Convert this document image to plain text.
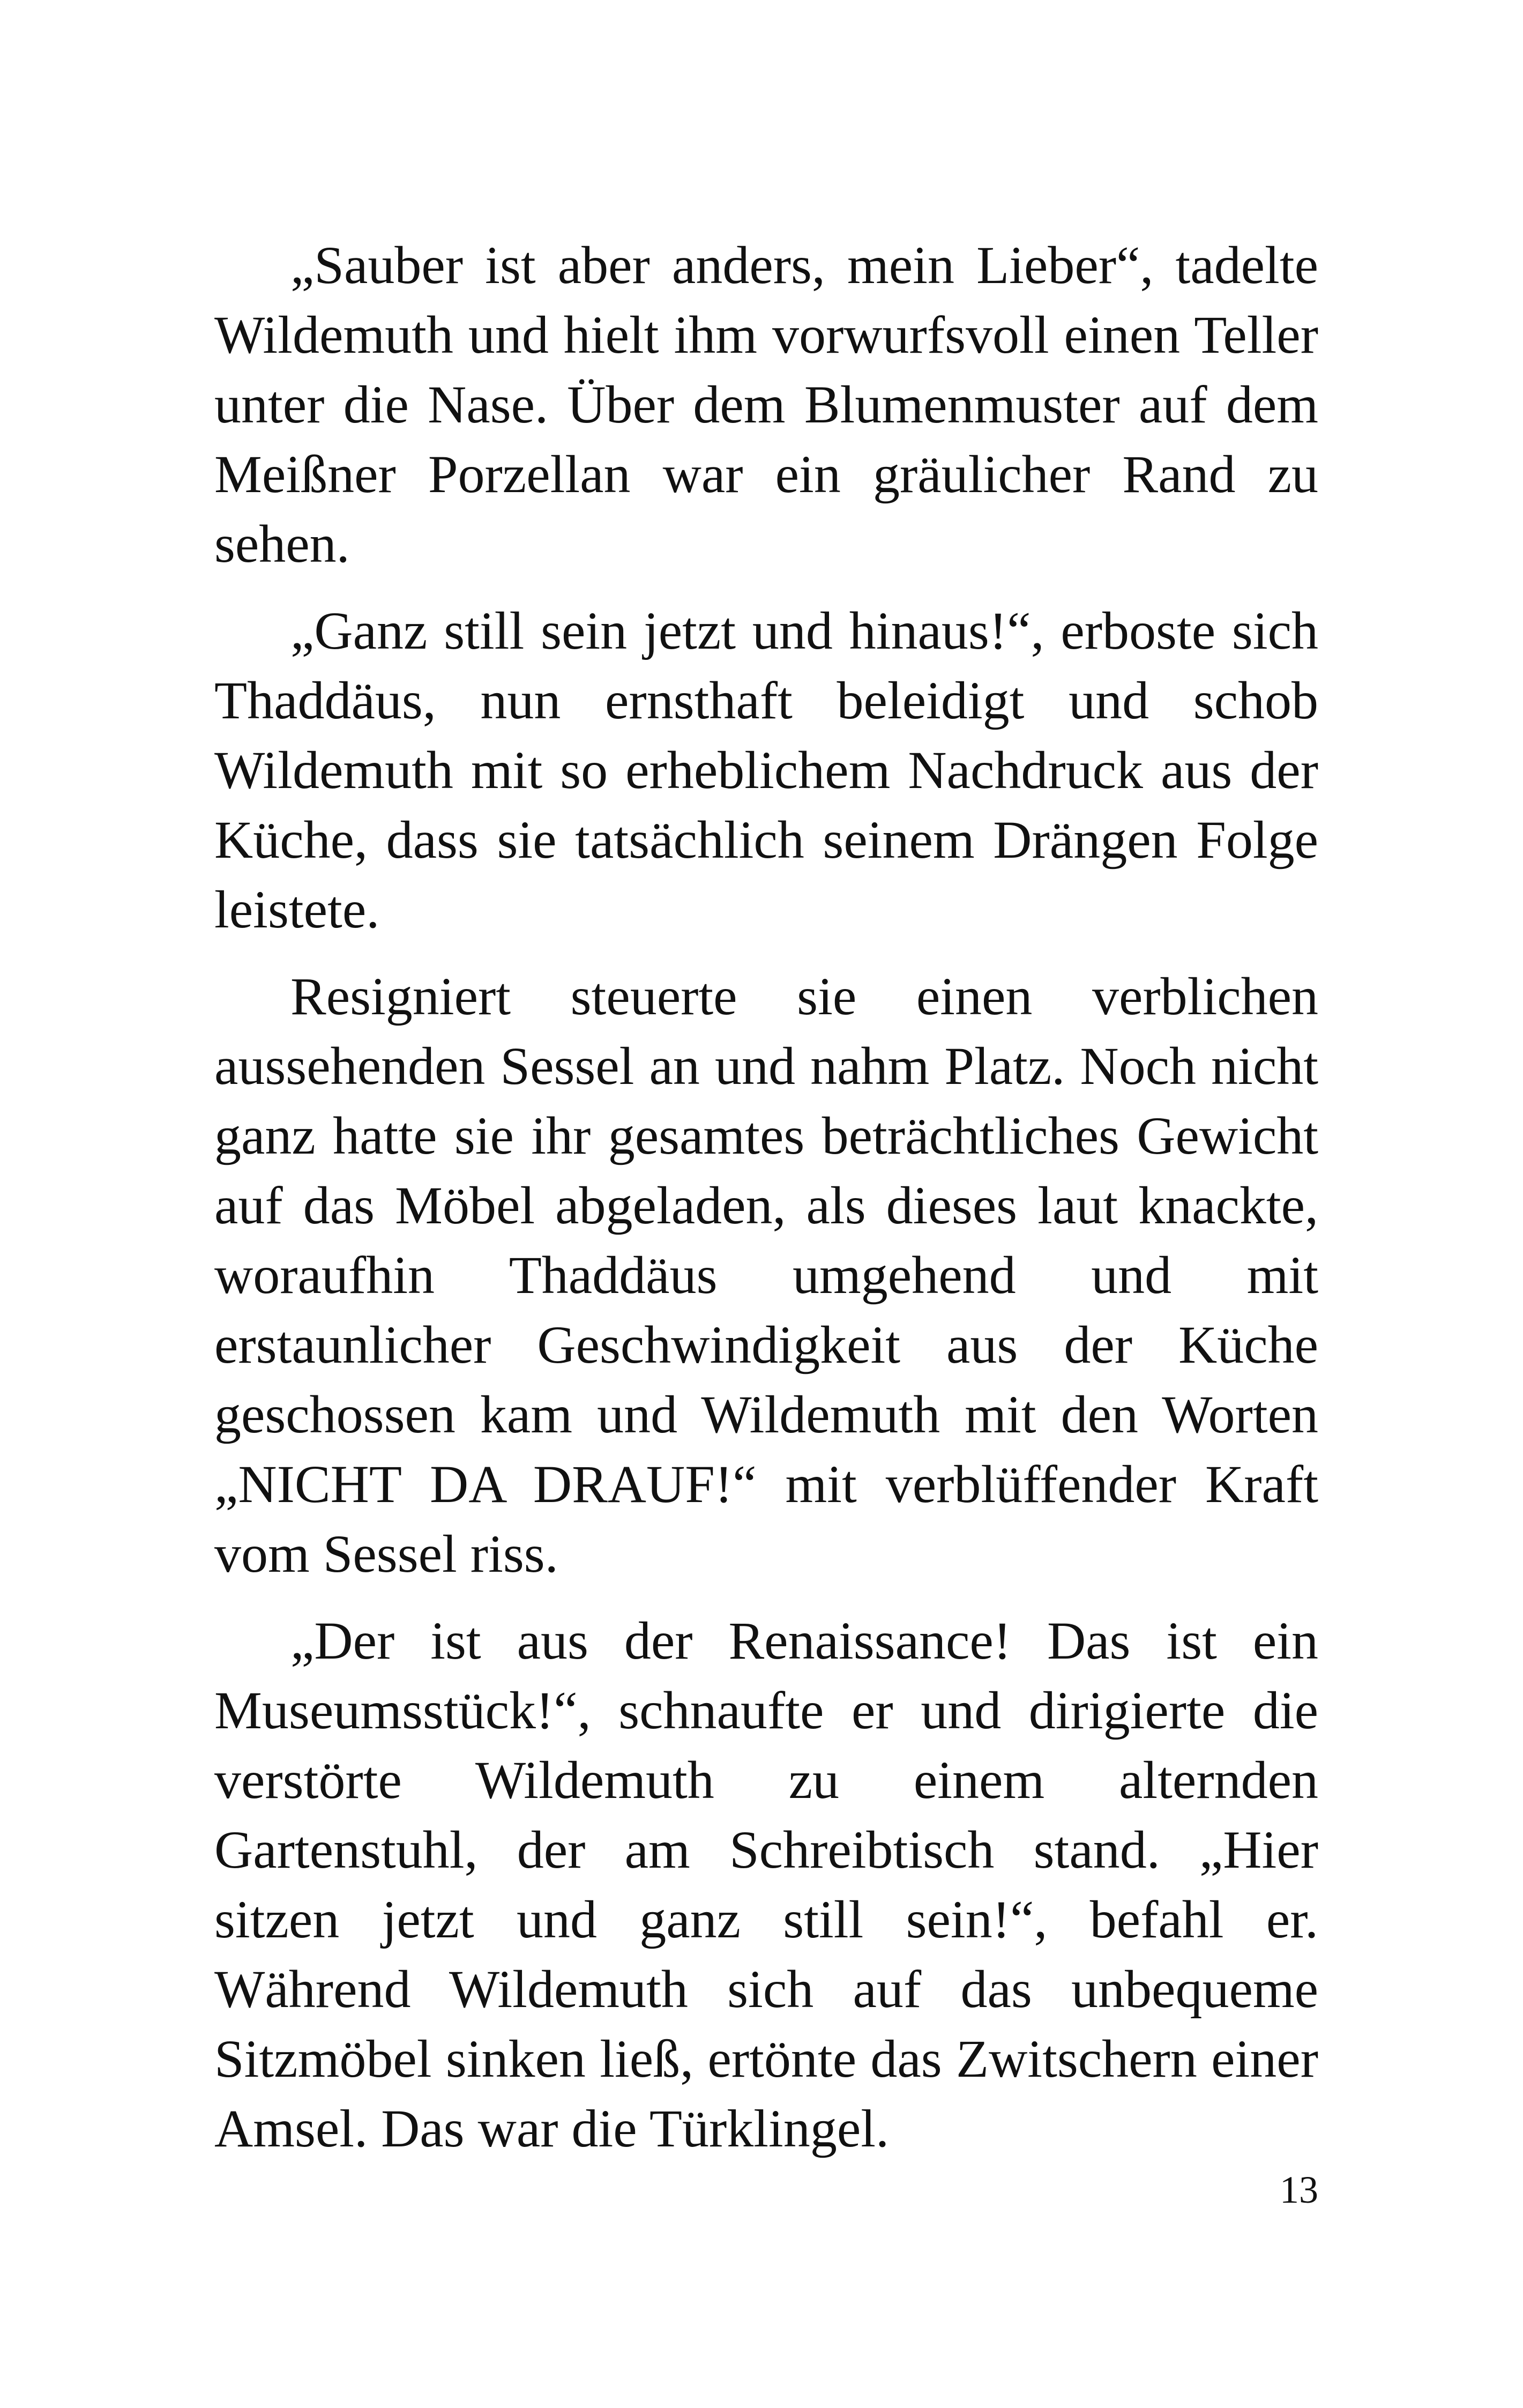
„Sauber ist aber anders, mein Lieber“, tadelte Wildemuth und hielt ihm vorwurfsvoll einen Teller unter die Nase. Über dem Blumenmuster auf dem Meißner Porzellan war ein gräulicher Rand zu sehen.

„Ganz still sein jetzt und hinaus!“, erboste sich Thaddäus, nun ernsthaft beleidigt und schob Wildemuth mit so erheblichem Nachdruck aus der Küche, dass sie tatsächlich seinem Drängen Folge leistete.

Resigniert steuerte sie einen verblichen aussehenden Sessel an und nahm Platz. Noch nicht ganz hatte sie ihr gesamtes beträchtliches Gewicht auf das Möbel abgeladen, als dieses laut knackte, woraufhin Thaddäus umgehend und mit erstaunlicher Geschwindigkeit aus der Küche geschossen kam und Wildemuth mit den Worten „NICHT DA DRAUF!“ mit verblüffender Kraft vom Sessel riss.

„Der ist aus der Renaissance! Das ist ein Museumsstück!“, schnaufte er und dirigierte die verstörte Wildemuth zu einem alternden Gartenstuhl, der am Schreibtisch stand. „Hier sitzen jetzt und ganz still sein!“, befahl er. Während Wildemuth sich auf das unbequeme Sitzmöbel sinken ließ, ertönte das Zwitschern einer Amsel. Das war die Türklingel.

13
